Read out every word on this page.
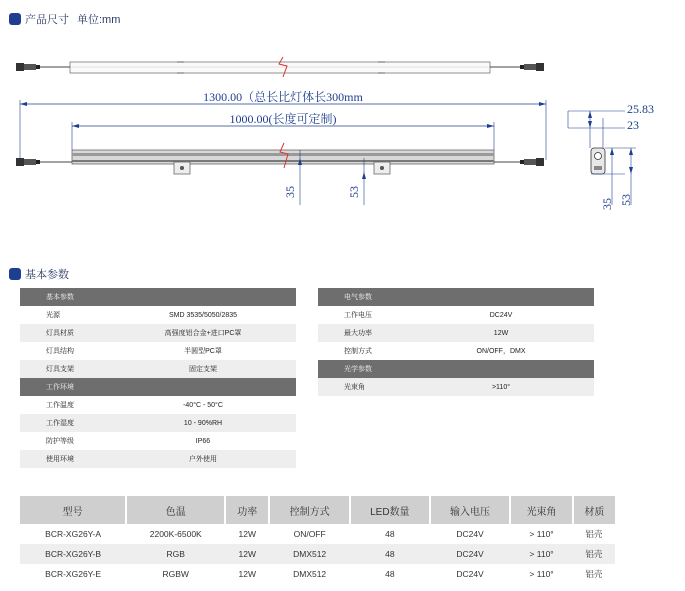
产品尺寸 单位:mm
1300.00（总长比灯体长300mm
1000.00(长度可定制)
35	53
25.83
23
35 53
基本参数
基本参数	
光源	SMD 3535/5050/2835
灯具材质	高强度铝合金+进口PC罩
灯具结构	半圆型PC罩
灯具支架	固定支架
工作环境	
工作温度	-40°C - 50°C
工作湿度	10 - 90%RH
防护等级	IP66
使用环境	户外使用
电气参数	
工作电压	DC24V
最大功率	12W
控制方式	ON/OFF，DMX
光学参数	
光束角	>110°
型号	色温	功率	控制方式	LED数量	输入电压	光束角	材质
BCR-XG26Y-A	2200K-6500K	12W	ON/OFF	48	DC24V	> 110°	铝壳
BCR-XG26Y-B	RGB	12W	DMX512	48	DC24V	> 110°	铝壳
BCR-XG26Y-E	RGBW	12W	DMX512	48	DC24V	> 110°	铝壳
